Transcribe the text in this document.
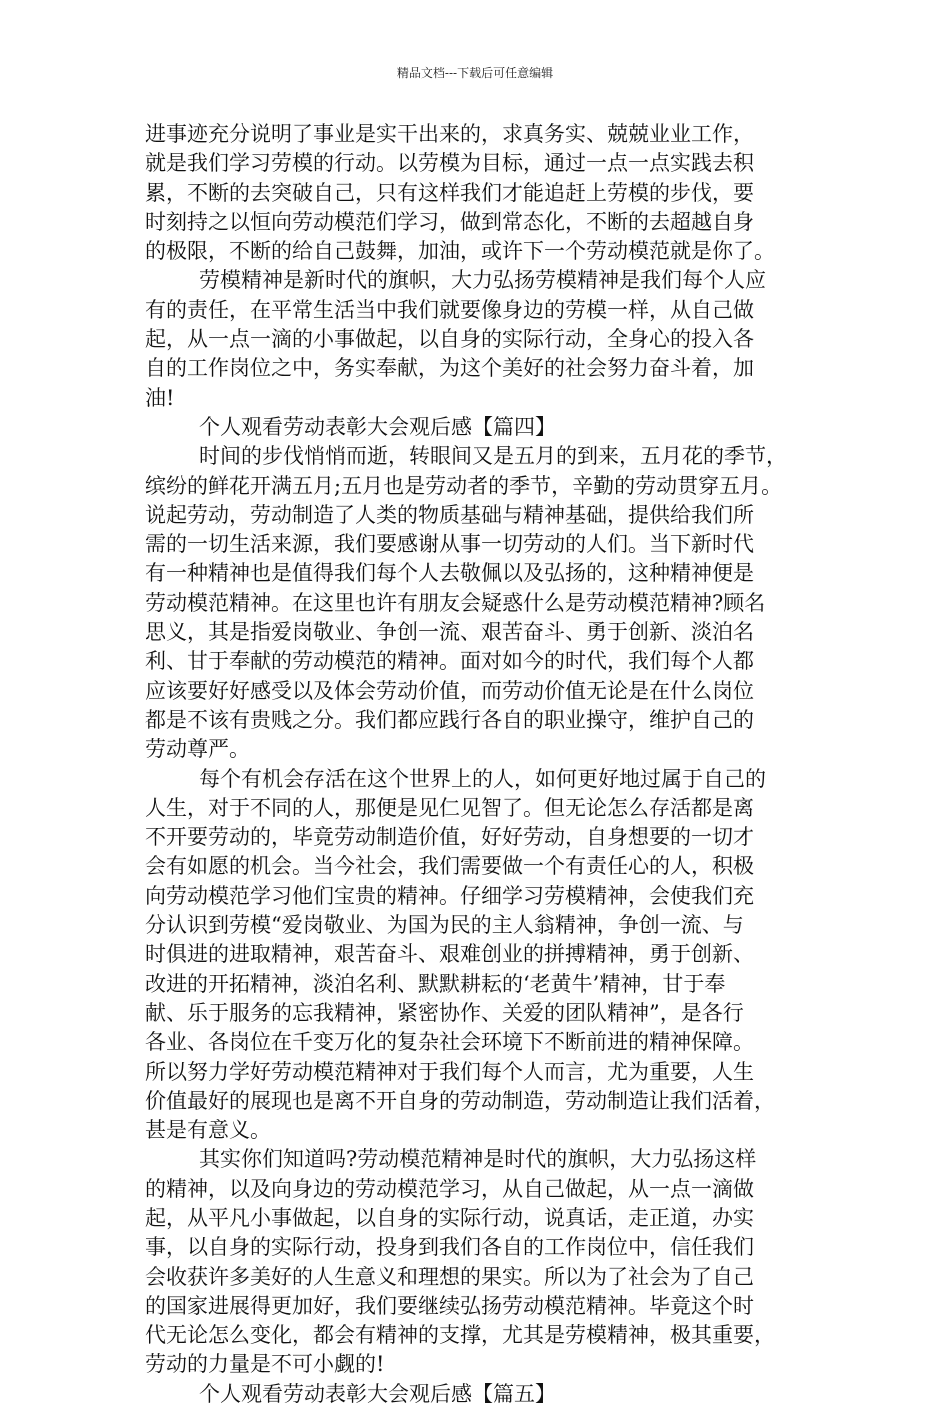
精品文档---下载后可任意编辑
进事迹充分说明了事业是实干出来的，求真务实、兢兢业业工作，
就是我们学习劳模的行动。以劳模为目标，通过一点一点实践去积
累，不断的去突破自己，只有这样我们才能追赶上劳模的步伐，要
时刻持之以恒向劳动模范们学习，做到常态化，不断的去超越自身
的极限，不断的给自己鼓舞，加油，或许下一个劳动模范就是你了。
劳模精神是新时代的旗帜，大力弘扬劳模精神是我们每个人应
有的责任，在平常生活当中我们就要像身边的劳模一样，从自己做
起，从一点一滴的小事做起，以自身的实际行动，全身心的投入各
自的工作岗位之中，务实奉献，为这个美好的社会努力奋斗着，加
油!
个人观看劳动表彰大会观后感【篇四】
时间的步伐悄悄而逝，转眼间又是五月的到来，五月花的季节，
缤纷的鲜花开满五月;五月也是劳动者的季节，辛勤的劳动贯穿五月。
说起劳动，劳动制造了人类的物质基础与精神基础，提供给我们所
需的一切生活来源，我们要感谢从事一切劳动的人们。当下新时代
有一种精神也是值得我们每个人去敬佩以及弘扬的，这种精神便是
劳动模范精神。在这里也许有朋友会疑惑什么是劳动模范精神?顾名
思义，其是指爱岗敬业、争创一流、艰苦奋斗、勇于创新、淡泊名
利、甘于奉献的劳动模范的精神。面对如今的时代，我们每个人都
应该要好好感受以及体会劳动价值，而劳动价值无论是在什么岗位
都是不该有贵贱之分。我们都应践行各自的职业操守，维护自己的
劳动尊严。
每个有机会存活在这个世界上的人，如何更好地过属于自己的
人生，对于不同的人，那便是见仁见智了。但无论怎么存活都是离
不开要劳动的，毕竟劳动制造价值，好好劳动，自身想要的一切才
会有如愿的机会。当今社会，我们需要做一个有责任心的人，积极
向劳动模范学习他们宝贵的精神。仔细学习劳模精神，会使我们充
分认识到劳模“爱岗敬业、为国为民的主人翁精神，争创一流、与
时俱进的进取精神，艰苦奋斗、艰难创业的拼搏精神，勇于创新、
改进的开拓精神，淡泊名利、默默耕耘的‘老黄牛’精神，甘于奉
献、乐于服务的忘我精神，紧密协作、关爱的团队精神”，是各行
各业、各岗位在千变万化的复杂社会环境下不断前进的精神保障。
所以努力学好劳动模范精神对于我们每个人而言，尤为重要，人生
价值最好的展现也是离不开自身的劳动制造，劳动制造让我们活着，
甚是有意义。
其实你们知道吗?劳动模范精神是时代的旗帜，大力弘扬这样
的精神，以及向身边的劳动模范学习，从自己做起，从一点一滴做
起，从平凡小事做起，以自身的实际行动，说真话，走正道，办实
事，以自身的实际行动，投身到我们各自的工作岗位中，信任我们
会收获许多美好的人生意义和理想的果实。所以为了社会为了自己
的国家进展得更加好，我们要继续弘扬劳动模范精神。毕竟这个时
代无论怎么变化，都会有精神的支撑，尤其是劳模精神，极其重要，
劳动的力量是不可小觑的!
个人观看劳动表彰大会观后感【篇五】
